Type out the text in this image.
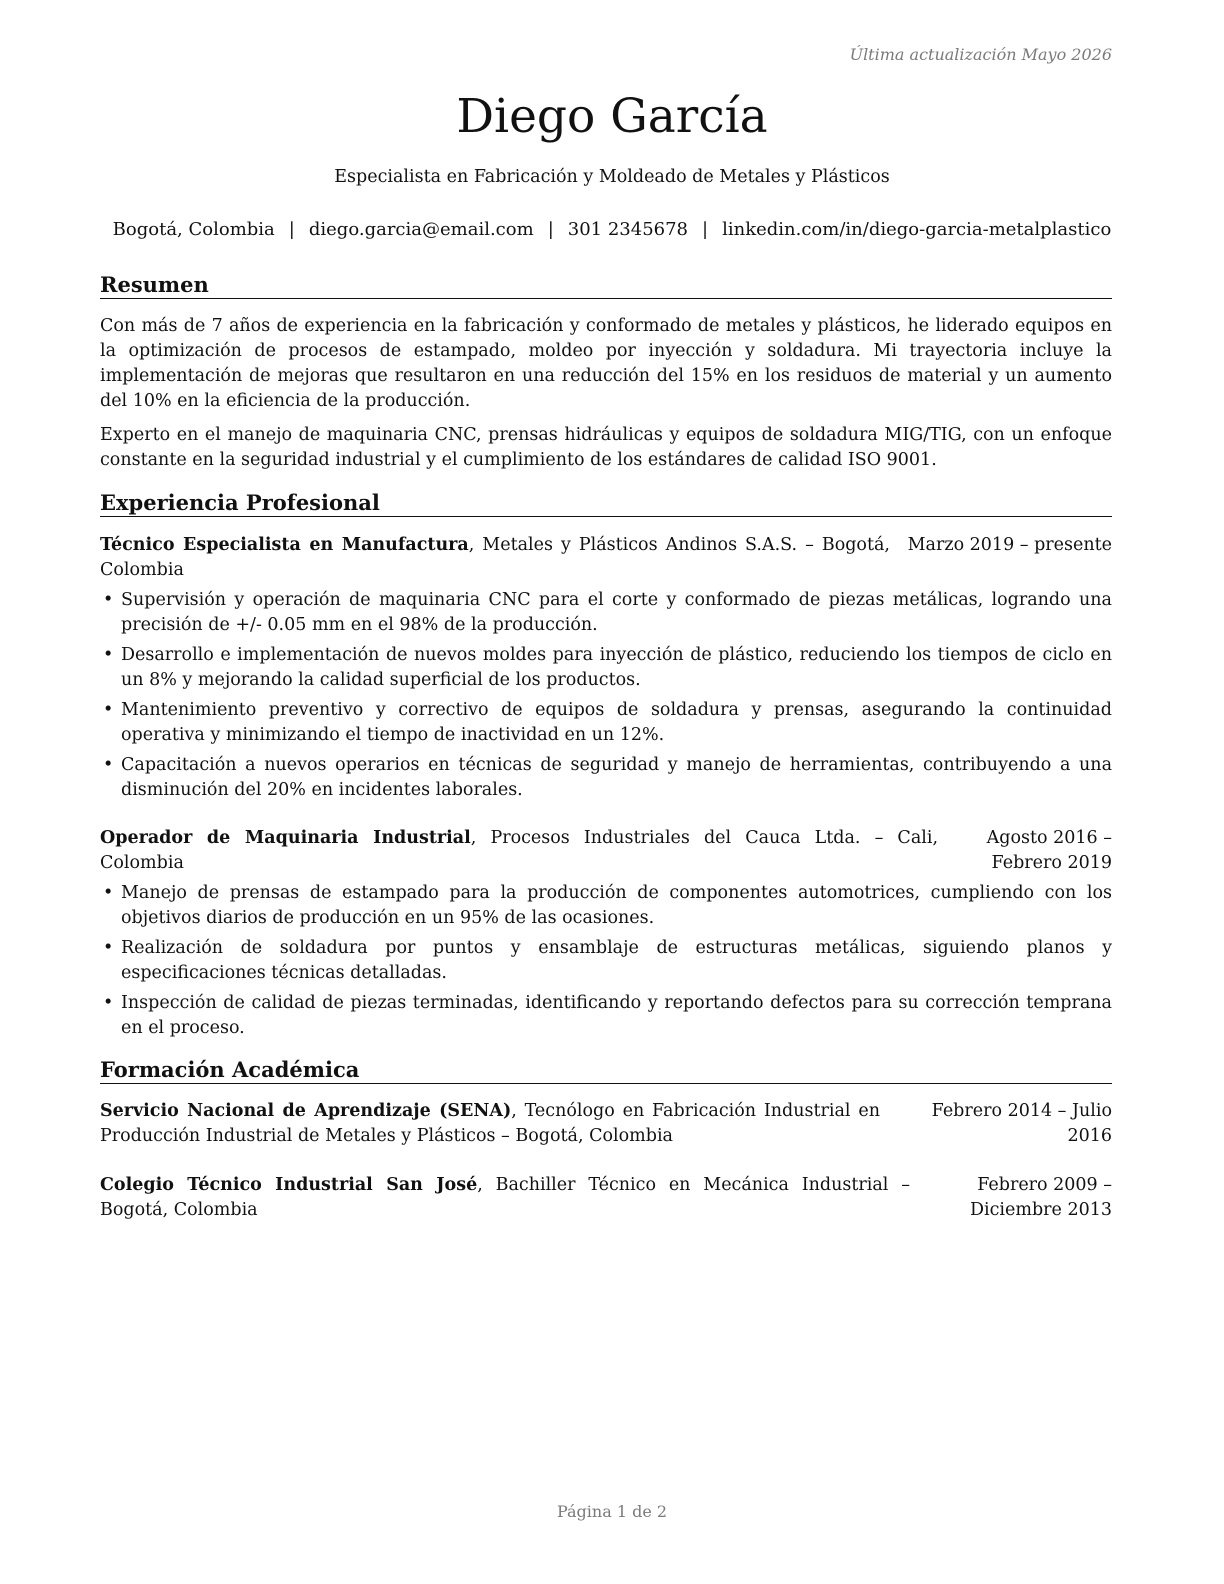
Última actualización Mayo 2026
Diego García
Especialista en Fabricación y Moldeado de Metales y Plásticos
Bogotá, Colombia | diego.garcia@email.com | 301 2345678 | linkedin.com/in/diego-garcia-metalplastico
Resumen

Con más de 7 años de experiencia en la fabricación y conformado de metales y plásticos, he liderado equipos en la optimización de procesos de estampado, moldeo por inyección y soldadura. Mi trayectoria incluye la implementación de mejoras que resultaron en una reducción del 15% en los residuos de material y un aumento del 10% en la eficiencia de la producción.

Experto en el manejo de maquinaria CNC, prensas hidráulicas y equipos de soldadura MIG/TIG, con un enfoque constante en la seguridad industrial y el cumplimiento de los estándares de calidad ISO 9001.

Experiencia Profesional
Técnico Especialista en Manufactura, Metales y Plásticos Andinos S.A.S. – Bogotá, Colombia
Marzo 2019 – presente
• Supervisión y operación de maquinaria CNC para el corte y conformado de piezas metálicas, logrando una precisión de +/- 0.05 mm en el 98% de la producción.
• Desarrollo e implementación de nuevos moldes para inyección de plástico, reduciendo los tiempos de ciclo en un 8% y mejorando la calidad superficial de los productos.
• Mantenimiento preventivo y correctivo de equipos de soldadura y prensas, asegurando la continuidad operativa y minimizando el tiempo de inactividad en un 12%.
• Capacitación a nuevos operarios en técnicas de seguridad y manejo de herramientas, contribuyendo a una disminución del 20% en incidentes laborales.
Operador de Maquinaria Industrial, Procesos Industriales del Cauca Ltda. – Cali, Colombia
Agosto 2016 – Febrero 2019
• Manejo de prensas de estampado para la producción de componentes automotrices, cumpliendo con los objetivos diarios de producción en un 95% de las ocasiones.
• Realización de soldadura por puntos y ensamblaje de estructuras metálicas, siguiendo planos y especificaciones técnicas detalladas.
• Inspección de calidad de piezas terminadas, identificando y reportando defectos para su corrección temprana en el proceso.
Formación Académica
Servicio Nacional de Aprendizaje (SENA), Tecnólogo en Fabricación Industrial en Producción Industrial de Metales y Plásticos – Bogotá, Colombia
Febrero 2014 – Julio 2016
Colegio Técnico Industrial San José, Bachiller Técnico en Mecánica Industrial – Bogotá, Colombia
Febrero 2009 – Diciembre 2013
Página 1 de 2
